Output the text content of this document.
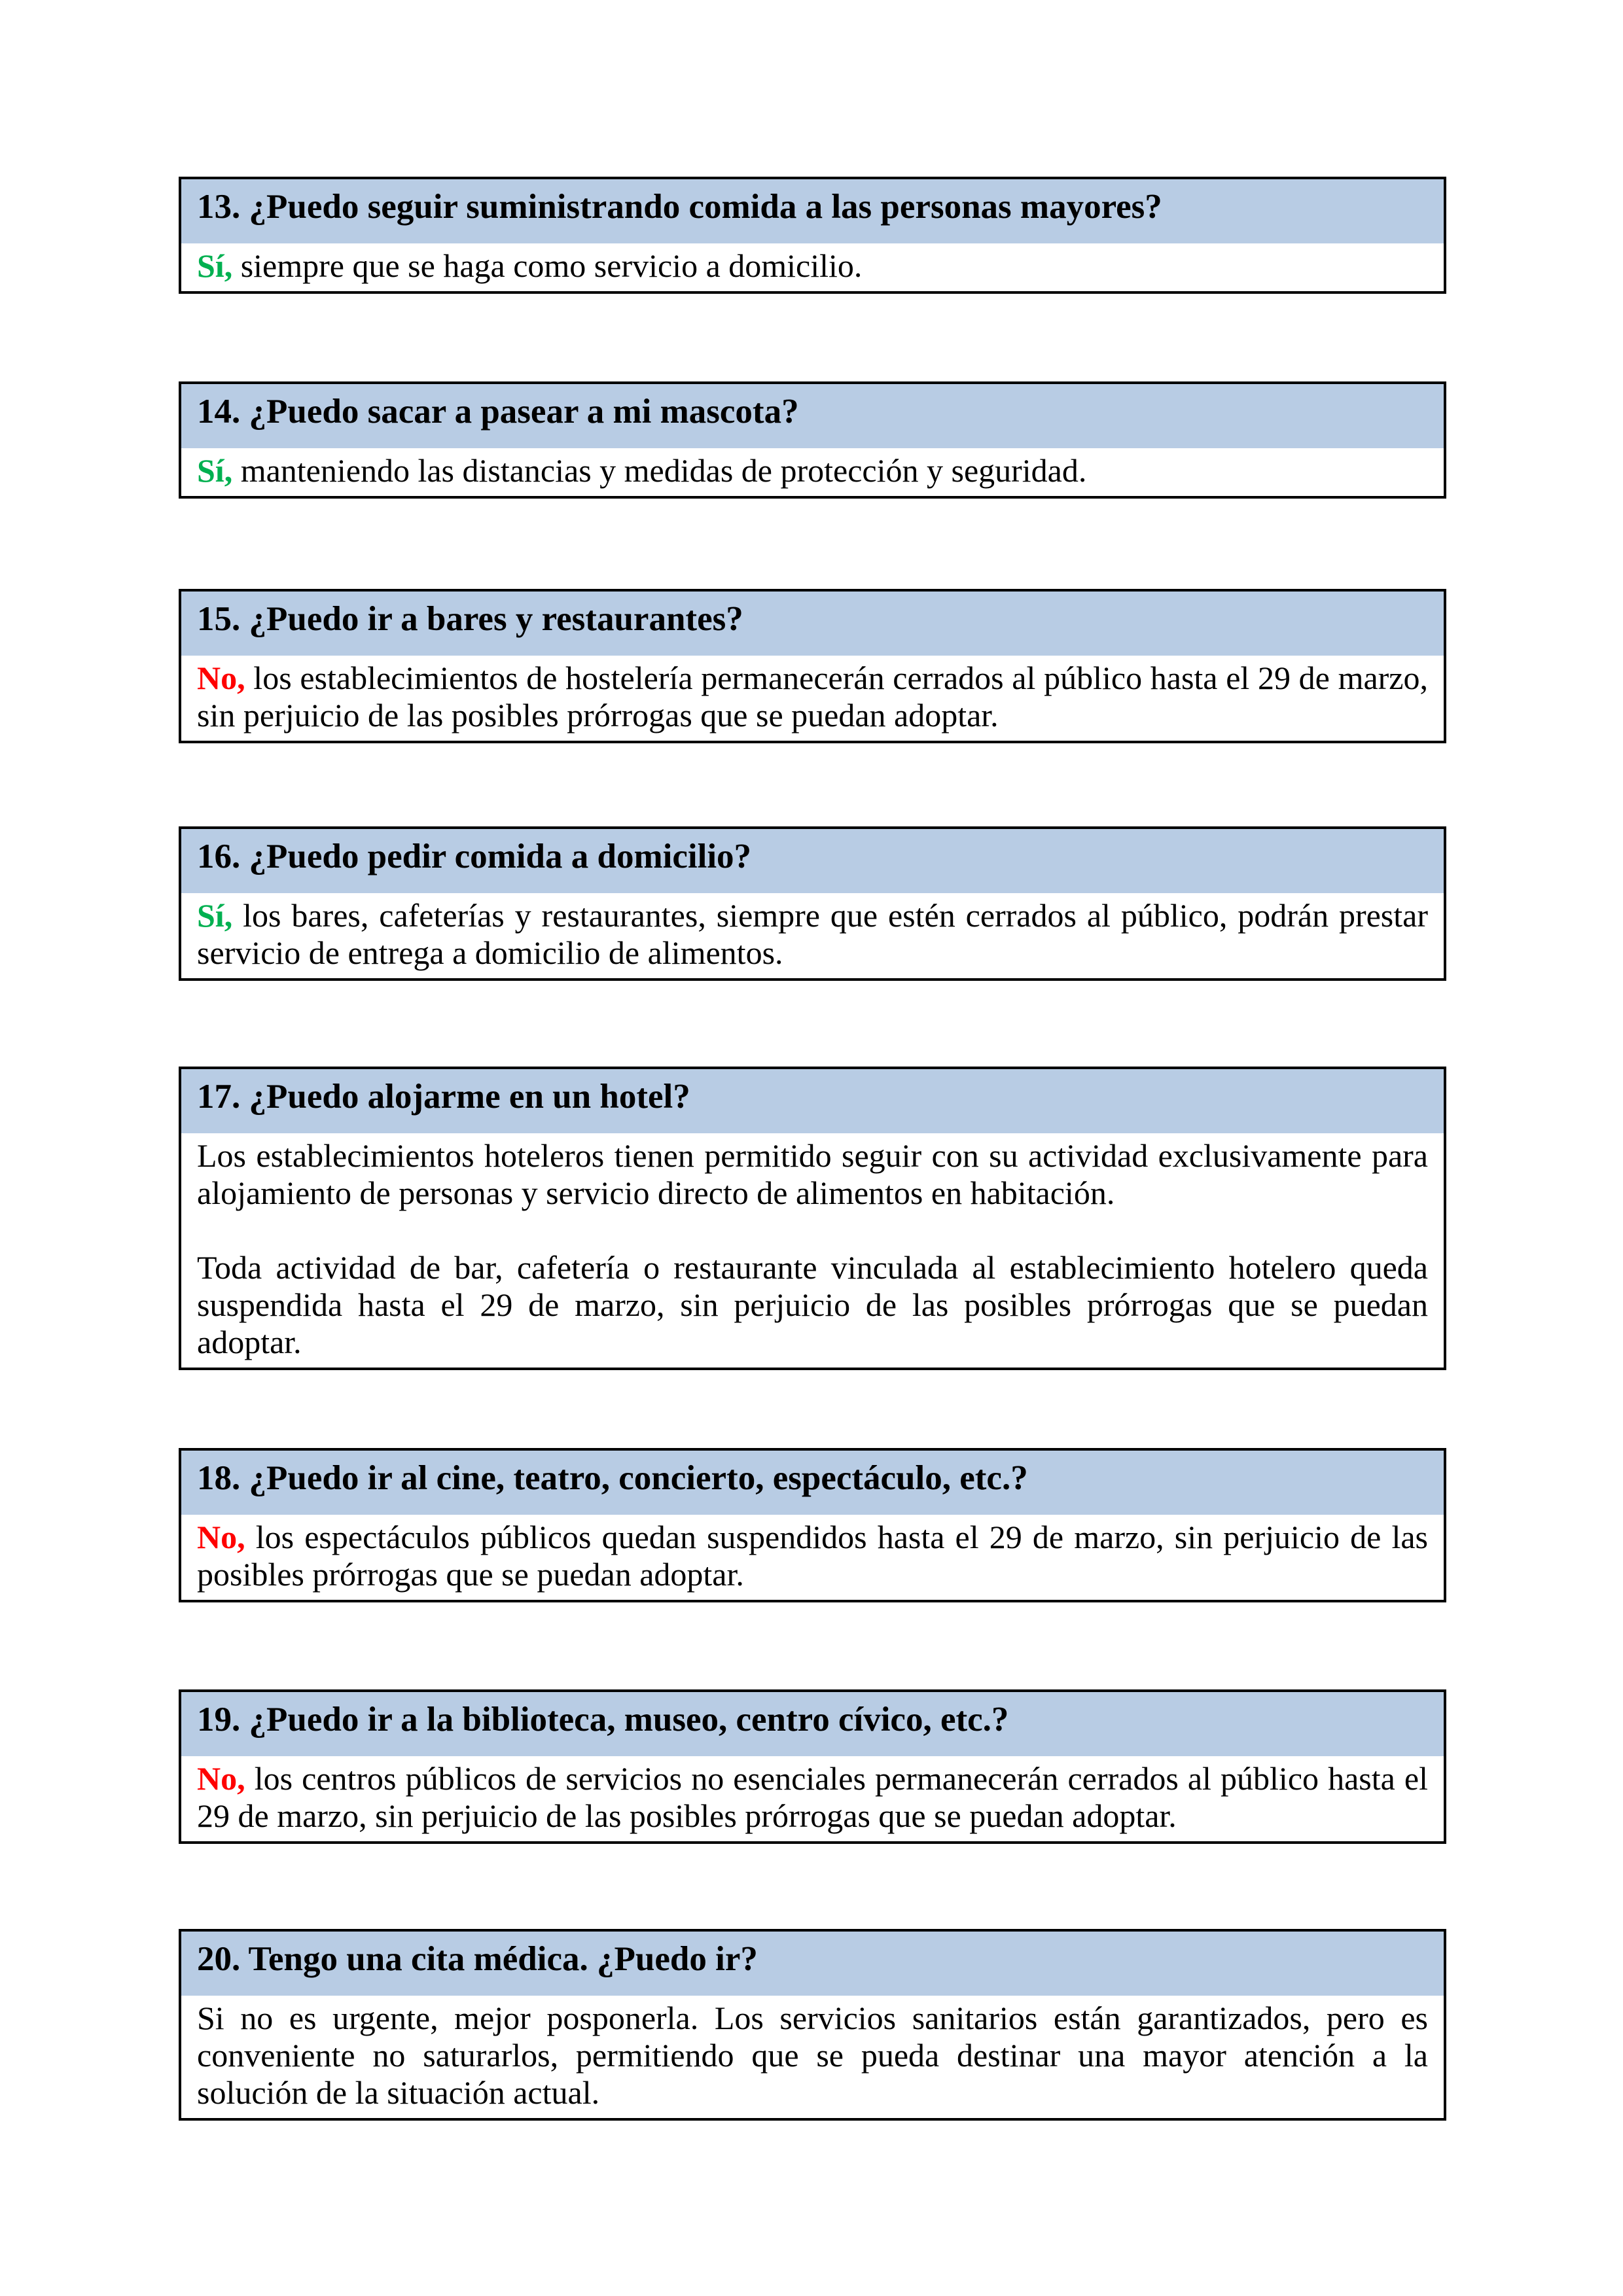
13. ¿Puedo seguir suministrando comida a las personas mayores?

Sí, siempre que se haga como servicio a domicilio.

14. ¿Puedo sacar a pasear a mi mascota?

Sí, manteniendo las distancias y medidas de protección y seguridad.

15. ¿Puedo ir a bares y restaurantes?

No, los establecimientos de hostelería permanecerán cerrados al público hasta el 29 de marzo, sin perjuicio de las posibles prórrogas que se puedan adoptar.

16. ¿Puedo pedir comida a domicilio?

Sí, los bares, cafeterías y restaurantes, siempre que estén cerrados al público, podrán prestar servicio de entrega a domicilio de alimentos.

17. ¿Puedo alojarme en un hotel?

Los establecimientos hoteleros tienen permitido seguir con su actividad exclusivamente para alojamiento de personas y servicio directo de alimentos en habitación.

Toda actividad de bar, cafetería o restaurante vinculada al establecimiento hotelero queda suspendida hasta el 29 de marzo, sin perjuicio de las posibles prórrogas que se puedan adoptar.

18. ¿Puedo ir al cine, teatro, concierto, espectáculo, etc.?

No, los espectáculos públicos quedan suspendidos hasta el 29 de marzo, sin perjuicio de las posibles prórrogas que se puedan adoptar.

19. ¿Puedo ir a la biblioteca, museo, centro cívico, etc.?

No, los centros públicos de servicios no esenciales permanecerán cerrados al público hasta el 29 de marzo, sin perjuicio de las posibles prórrogas que se puedan adoptar.

20. Tengo una cita médica. ¿Puedo ir?

Si no es urgente, mejor posponerla. Los servicios sanitarios están garantizados, pero es conveniente no saturarlos, permitiendo que se pueda destinar una mayor atención a la solución de la situación actual.
